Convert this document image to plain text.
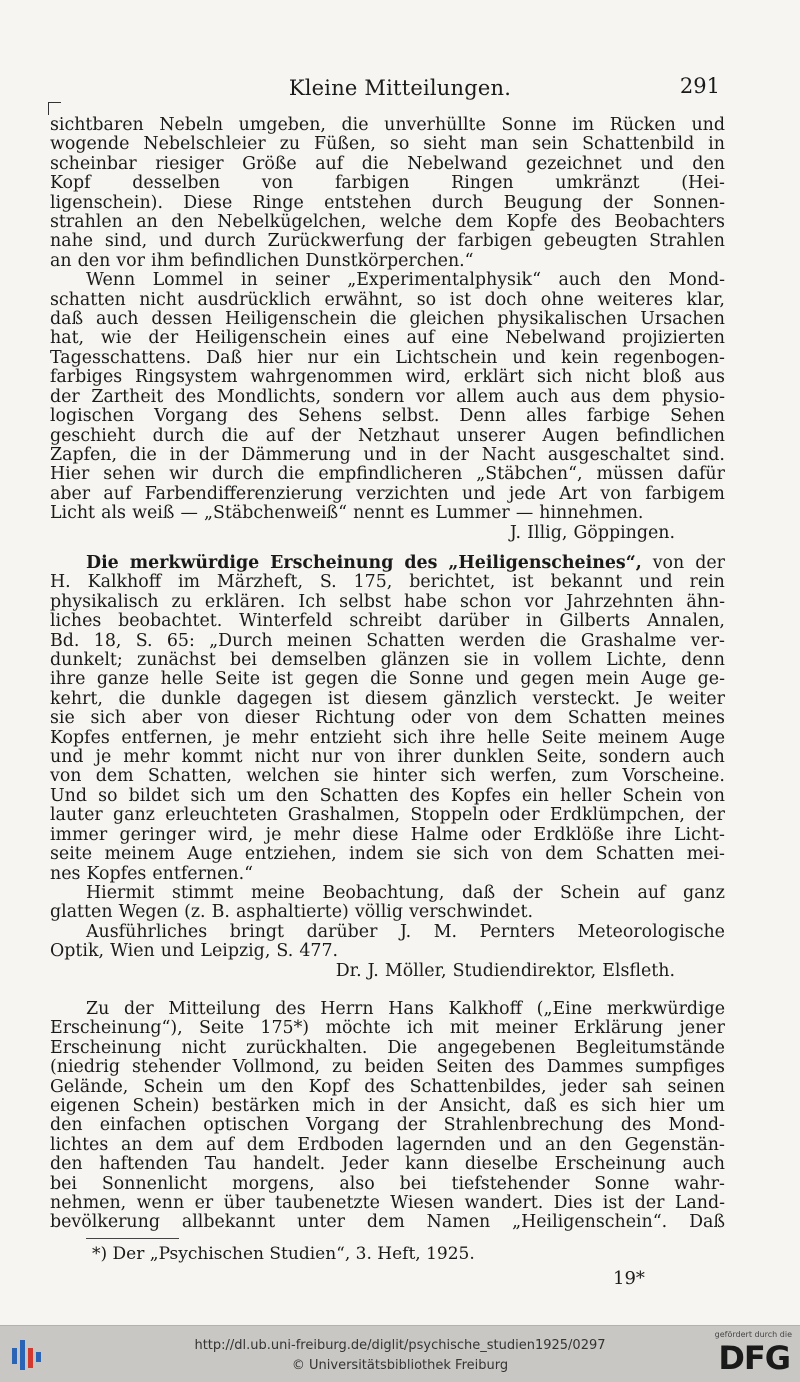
Kleine Mitteilungen.	291
sichtbaren Nebeln umgeben, die unverhüllte Sonne im Rücken und
wogende Nebelschleier zu Füßen, so sieht man sein Schattenbild in
scheinbar riesiger Größe auf die Nebelwand gezeichnet und den
Kopf desselben von farbigen Ringen umkränzt (Hei-
ligenschein). Diese Ringe entstehen durch Beugung der Sonnen-
strahlen an den Nebelkügelchen, welche dem Kopfe des Beobachters
nahe sind, und durch Zurückwerfung der farbigen gebeugten Strahlen
an den vor ihm befindlichen Dunstkörperchen.“
Wenn Lommel in seiner „Experimentalphysik“ auch den Mond-
schatten nicht ausdrücklich erwähnt, so ist doch ohne weiteres klar,
daß auch dessen Heiligenschein die gleichen physikalischen Ursachen
hat, wie der Heiligenschein eines auf eine Nebelwand projizierten
Tagesschattens. Daß hier nur ein Lichtschein und kein regenbogen-
farbiges Ringsystem wahrgenommen wird, erklärt sich nicht bloß aus
der Zartheit des Mondlichts, sondern vor allem auch aus dem physio-
logischen Vorgang des Sehens selbst. Denn alles farbige Sehen
geschieht durch die auf der Netzhaut unserer Augen befindlichen
Zapfen, die in der Dämmerung und in der Nacht ausgeschaltet sind.
Hier sehen wir durch die empfindlicheren „Stäbchen“, müssen dafür
aber auf Farbendifferenzierung verzichten und jede Art von farbigem
Licht als weiß — „Stäbchenweiß“ nennt es Lummer — hinnehmen.
J. Illig, Göppingen.
Die merkwürdige Erscheinung des „Heiligenscheines“, von der
H. Kalkhoff im Märzheft, S. 175, berichtet, ist bekannt und rein
physikalisch zu erklären. Ich selbst habe schon vor Jahrzehnten ähn-
liches beobachtet. Winterfeld schreibt darüber in Gilberts Annalen,
Bd. 18, S. 65: „Durch meinen Schatten werden die Grashalme ver-
dunkelt; zunächst bei demselben glänzen sie in vollem Lichte, denn
ihre ganze helle Seite ist gegen die Sonne und gegen mein Auge ge-
kehrt, die dunkle dagegen ist diesem gänzlich versteckt. Je weiter
sie sich aber von dieser Richtung oder von dem Schatten meines
Kopfes entfernen, je mehr entzieht sich ihre helle Seite meinem Auge
und je mehr kommt nicht nur von ihrer dunklen Seite, sondern auch
von dem Schatten, welchen sie hinter sich werfen, zum Vorscheine.
Und so bildet sich um den Schatten des Kopfes ein heller Schein von
lauter ganz erleuchteten Grashalmen, Stoppeln oder Erdklümpchen, der
immer geringer wird, je mehr diese Halme oder Erdklöße ihre Licht-
seite meinem Auge entziehen, indem sie sich von dem Schatten mei-
nes Kopfes entfernen.“
Hiermit stimmt meine Beobachtung, daß der Schein auf ganz
glatten Wegen (z. B. asphaltierte) völlig verschwindet.
Ausführliches bringt darüber J. M. Pernters Meteorologische
Optik, Wien und Leipzig, S. 477.
Dr. J. Möller, Studiendirektor, Elsfleth.
Zu der Mitteilung des Herrn Hans Kalkhoff („Eine merkwürdige
Erscheinung“), Seite 175*) möchte ich mit meiner Erklärung jener
Erscheinung nicht zurückhalten. Die angegebenen Begleitumstände
(niedrig stehender Vollmond, zu beiden Seiten des Dammes sumpfiges
Gelände, Schein um den Kopf des Schattenbildes, jeder sah seinen
eigenen Schein) bestärken mich in der Ansicht, daß es sich hier um
den einfachen optischen Vorgang der Strahlenbrechung des Mond-
lichtes an dem auf dem Erdboden lagernden und an den Gegenstän-
den haftenden Tau handelt. Jeder kann dieselbe Erscheinung auch
bei Sonnenlicht morgens, also bei tiefstehender Sonne wahr-
nehmen, wenn er über taubenetzte Wiesen wandert. Dies ist der Land-
bevölkerung allbekannt unter dem Namen „Heiligenschein“. Daß
*) Der „Psychischen Studien“, 3. Heft, 1925.
19*
http://dl.ub.uni-freiburg.de/diglit/psychische_studien1925/0297
© Universitätsbibliothek Freiburg
gefördert durch die
DFG
